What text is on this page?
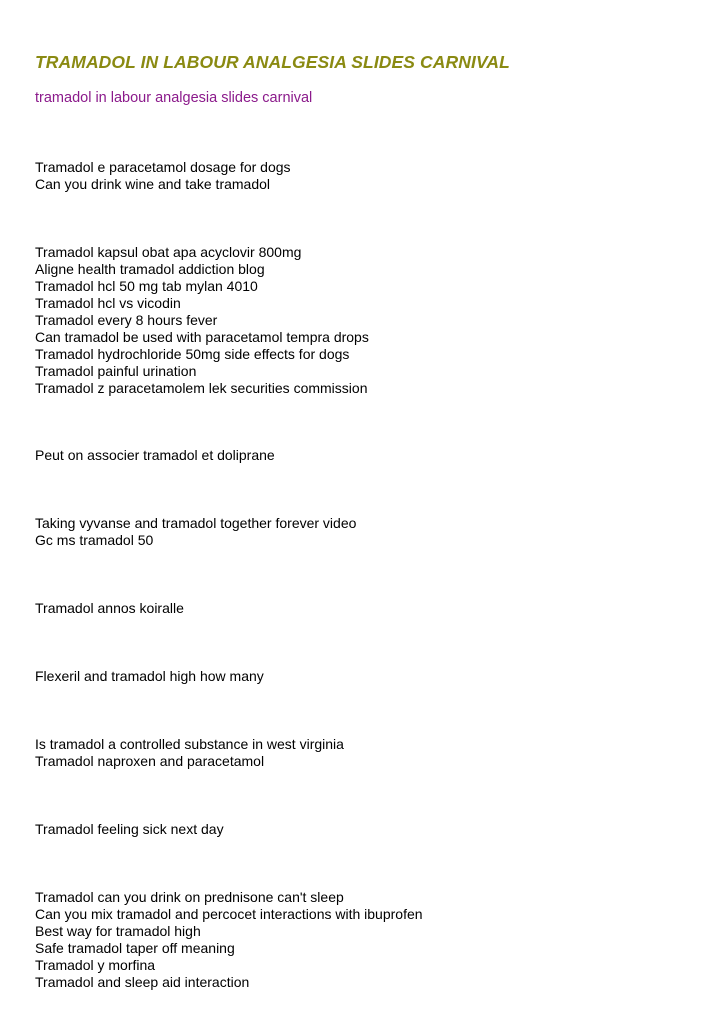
TRAMADOL IN LABOUR ANALGESIA SLIDES CARNIVAL

tramadol in labour analgesia slides carnival

Tramadol e paracetamol dosage for dogs
Can you drink wine and take tramadol
Tramadol kapsul obat apa acyclovir 800mg
Aligne health tramadol addiction blog
Tramadol hcl 50 mg tab mylan 4010
Tramadol hcl vs vicodin
Tramadol every 8 hours fever
Can tramadol be used with paracetamol tempra drops
Tramadol hydrochloride 50mg side effects for dogs
Tramadol painful urination
Tramadol z paracetamolem lek securities commission
Peut on associer tramadol et doliprane
Taking vyvanse and tramadol together forever video
Gc ms tramadol 50
Tramadol annos koiralle
Flexeril and tramadol high how many
Is tramadol a controlled substance in west virginia
Tramadol naproxen and paracetamol
Tramadol feeling sick next day
Tramadol can you drink on prednisone can't sleep
Can you mix tramadol and percocet interactions with ibuprofen
Best way for tramadol high
Safe tramadol taper off meaning
Tramadol y morfina
Tramadol and sleep aid interaction
